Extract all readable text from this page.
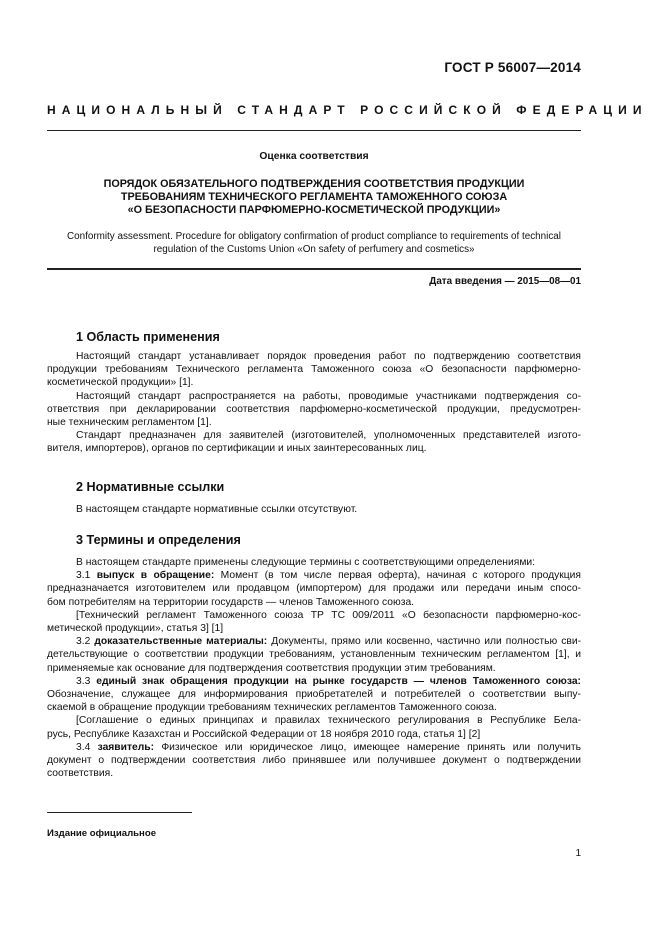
ГОСТ Р 56007—2014
НАЦИОНАЛЬНЫЙ СТАНДАРТ РОССИЙСКОЙ ФЕДЕРАЦИИ
Оценка соответствия
ПОРЯДОК ОБЯЗАТЕЛЬНОГО ПОДТВЕРЖДЕНИЯ СООТВЕТСТВИЯ ПРОДУКЦИИ
ТРЕБОВАНИЯМ ТЕХНИЧЕСКОГО РЕГЛАМЕНТА ТАМОЖЕННОГО СОЮЗА
«О БЕЗОПАСНОСТИ ПАРФЮМЕРНО-КОСМЕТИЧЕСКОЙ ПРОДУКЦИИ»
Conformity assessment. Procedure for obligatory confirmation of product compliance to requirements of technical
regulation of the Customs Union «On safety of perfumery and cosmetics»
Дата введения — 2015—08—01
1 Область применения
Настоящий стандарт устанавливает порядок проведения работ по подтверждению соответствия
продукции требованиям Технического регламента Таможенного союза «О безопасности парфюмерно-
косметической продукции» [1].
Настоящий стандарт распространяется на работы, проводимые участниками подтверждения со-
ответствия при декларировании соответствия парфюмерно-косметической продукции, предусмотрен-
ные техническим регламентом [1].
Стандарт предназначен для заявителей (изготовителей, уполномоченных представителей изгото-
вителя, импортеров), органов по сертификации и иных заинтересованных лиц.
2 Нормативные ссылки
В настоящем стандарте нормативные ссылки отсутствуют.
3 Термины и определения
В настоящем стандарте применены следующие термины с соответствующими определениями:
3.1 выпуск в обращение: Момент (в том числе первая оферта), начиная с которого продукция
предназначается изготовителем или продавцом (импортером) для продажи или передачи иным спосо-
бом потребителям на территории государств — членов Таможенного союза.
[Технический регламент Таможенного союза ТР ТС 009/2011 «О безопасности парфюмерно-кос-
метической продукции», статья 3] [1]
3.2 доказательственные материалы: Документы, прямо или косвенно, частично или полностью сви-
детельствующие о соответствии продукции требованиям, установленным техническим регламентом [1], и
применяемые как основание для подтверждения соответствия продукции этим требованиям.
3.3 единый знак обращения продукции на рынке государств — членов Таможенного союза:
Обозначение, служащее для информирования приобретателей и потребителей о соответствии выпу-
скаемой в обращение продукции требованиям технических регламентов Таможенного союза.
[Соглашение о единых принципах и правилах технического регулирования в Республике Бела-
русь, Республике Казахстан и Российской Федерации от 18 ноября 2010 года, статья 1] [2]
3.4 заявитель: Физическое или юридическое лицо, имеющее намерение принять или получить
документ о подтверждении соответствия либо принявшее или получившее документ о подтверждении
соответствия.
Издание официальное
1
